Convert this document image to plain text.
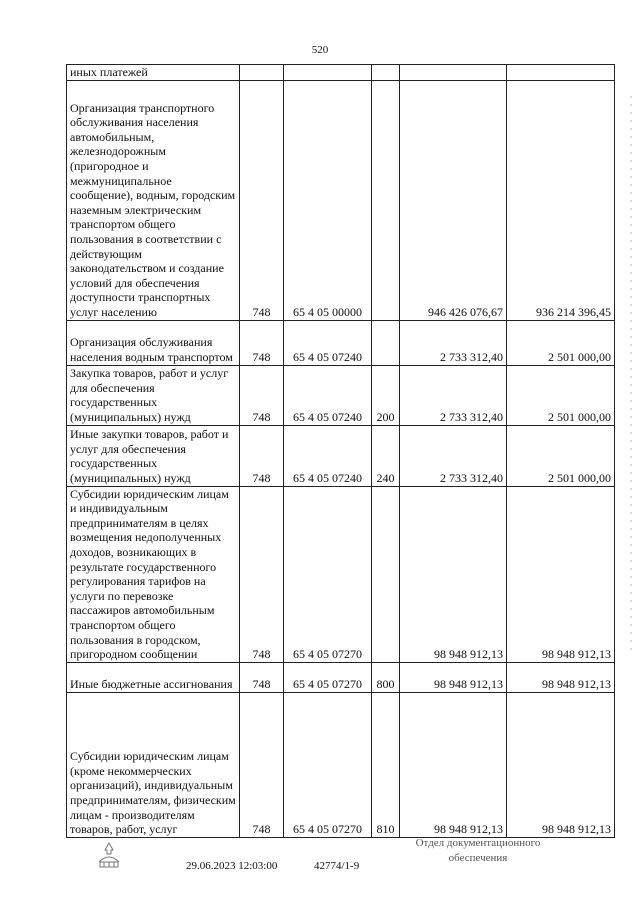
520
иных платежей					
Организация транспортного обслуживания населения автомобильным, железнодорожным (пригородное и межмуниципальное сообщение), водным, городским наземным электрическим транспортом общего пользования в соответствии с действующим законодательством и создание условий для обеспечения доступности транспортных услуг населению	748	65 4 05 00000		946 426 076,67	936 214 396,45
Организация обслуживания населения водным транспортом	748	65 4 05 07240		2 733 312,40	2 501 000,00
Закупка товаров, работ и услуг для обеспечения государственных (муниципальных) нужд	748	65 4 05 07240	200	2 733 312,40	2 501 000,00
Иные закупки товаров, работ и услуг для обеспечения государственных (муниципальных) нужд	748	65 4 05 07240	240	2 733 312,40	2 501 000,00
Субсидии юридическим лицам и индивидуальным предпринимателям в целях возмещения недополученных доходов, возникающих в результате государственного регулирования тарифов на услуги по перевозке пассажиров автомобильным транспортом общего пользования в городском, пригородном сообщении	748	65 4 05 07270		98 948 912,13	98 948 912,13
Иные бюджетные ассигнования	748	65 4 05 07270	800	98 948 912,13	98 948 912,13
Субсидии юридическим лицам (кроме некоммерческих организаций), индивидуальным предпринимателям, физическим лицам - производителям товаров, работ, услуг	748	65 4 05 07270	810	98 948 912,13	98 948 912,13
29.06.2023 12:03:00	42774/1-9
Отдел документационного
обеспечения
